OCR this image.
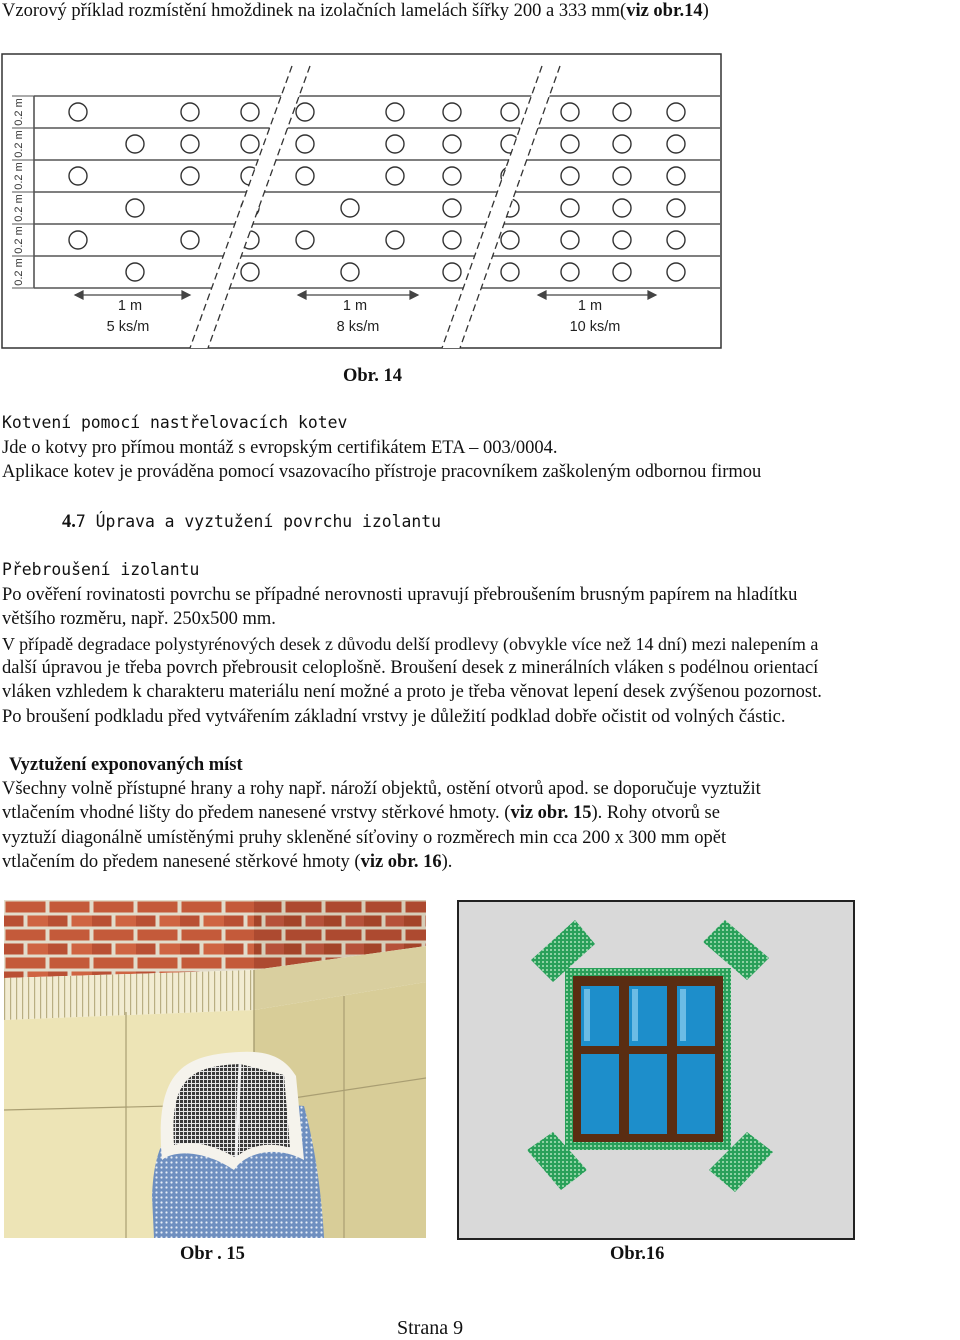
Vzorový příklad rozmístění hmoždinek na izolačních lamelách šířky 200 a 333 mm(viz obr.14)
0.2 m
0.2 m
0.2 m
0.2 m
0.2 m
0.2 m
1 m
5 ks/m
1 m
8 ks/m
1 m
10 ks/m
Obr. 14
Kotvení pomocí nastřelovacích kotev
Jde o kotvy pro přímou montáž s evropským certifikátem ETA – 003/0004.
Aplikace kotev je prováděna pomocí vsazovacího přístroje pracovníkem zaškoleným odbornou firmou
4.7 Úprava a vyztužení povrchu izolantu
Přebroušení izolantu
Po ověření rovinatosti povrchu se případné nerovnosti upravují přebroušením brusným papírem na hladítku
většího rozměru, např. 250x500 mm.
V případě degradace polystyrénových desek z důvodu delší prodlevy (obvykle více než 14 dní) mezi nalepením a
další úpravou je třeba povrch přebrousit celoplošně. Broušení desek z minerálních vláken s podélnou orientací
vláken vzhledem k charakteru materiálu není možné a proto je třeba věnovat lepení desek zvýšenou pozornost.
Po broušení podkladu před vytvářením základní vrstvy je důležití podklad dobře očistit od volných částic.
Vyztužení exponovaných míst
Všechny volně přístupné hrany a rohy např. nároží objektů, ostění otvorů apod. se doporučuje vyztužit
vtlačením vhodné lišty do předem nanesené vrstvy stěrkové hmoty. (viz obr. 15). Rohy otvorů se
vyztuží diagonálně umístěnými pruhy skleněné síťoviny o rozměrech min cca 200 x 300 mm opět
vtlačením do předem nanesené stěrkové hmoty (viz obr. 16).
Obr . 15	Obr.16
Strana 9
